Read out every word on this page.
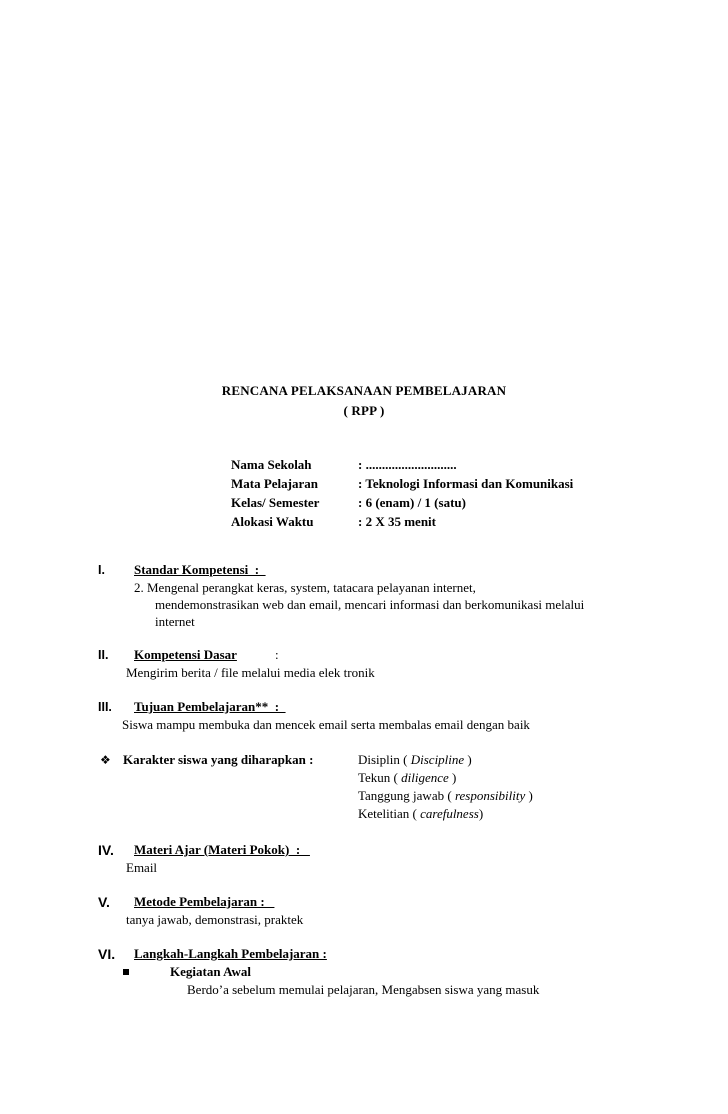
RENCANA PELAKSANAAN PEMBELAJARAN
( RPP )
Nama Sekolah	: ............................
Mata Pelajaran	: Teknologi Informasi dan Komunikasi
Kelas/ Semester	: 6 (enam) / 1 (satu)
Alokasi Waktu	: 2 X 35 menit
I. Standar Kompetensi  :
2. Mengenal perangkat keras, system, tatacara pelayanan internet,
mendemonstrasikan web dan email, mencari informasi dan berkomunikasi melalui
internet
II. Kompetensi Dasar	:
Mengirim berita / file melalui media elek tronik
III. Tujuan Pembelajaran**  :
Siswa mampu membuka dan mencek email serta membalas email dengan baik
❖ Karakter siswa yang diharapkan :	Disiplin ( Discipline )
Tekun ( diligence )
Tanggung jawab ( responsibility )
Ketelitian ( carefulness)
IV. Materi Ajar (Materi Pokok)  :
Email
V. Metode Pembelajaran :
tanya jawab, demonstrasi, praktek
VI. Langkah-Langkah Pembelajaran :
Kegiatan Awal
Berdo’a sebelum memulai pelajaran, Mengabsen siswa yang masuk
